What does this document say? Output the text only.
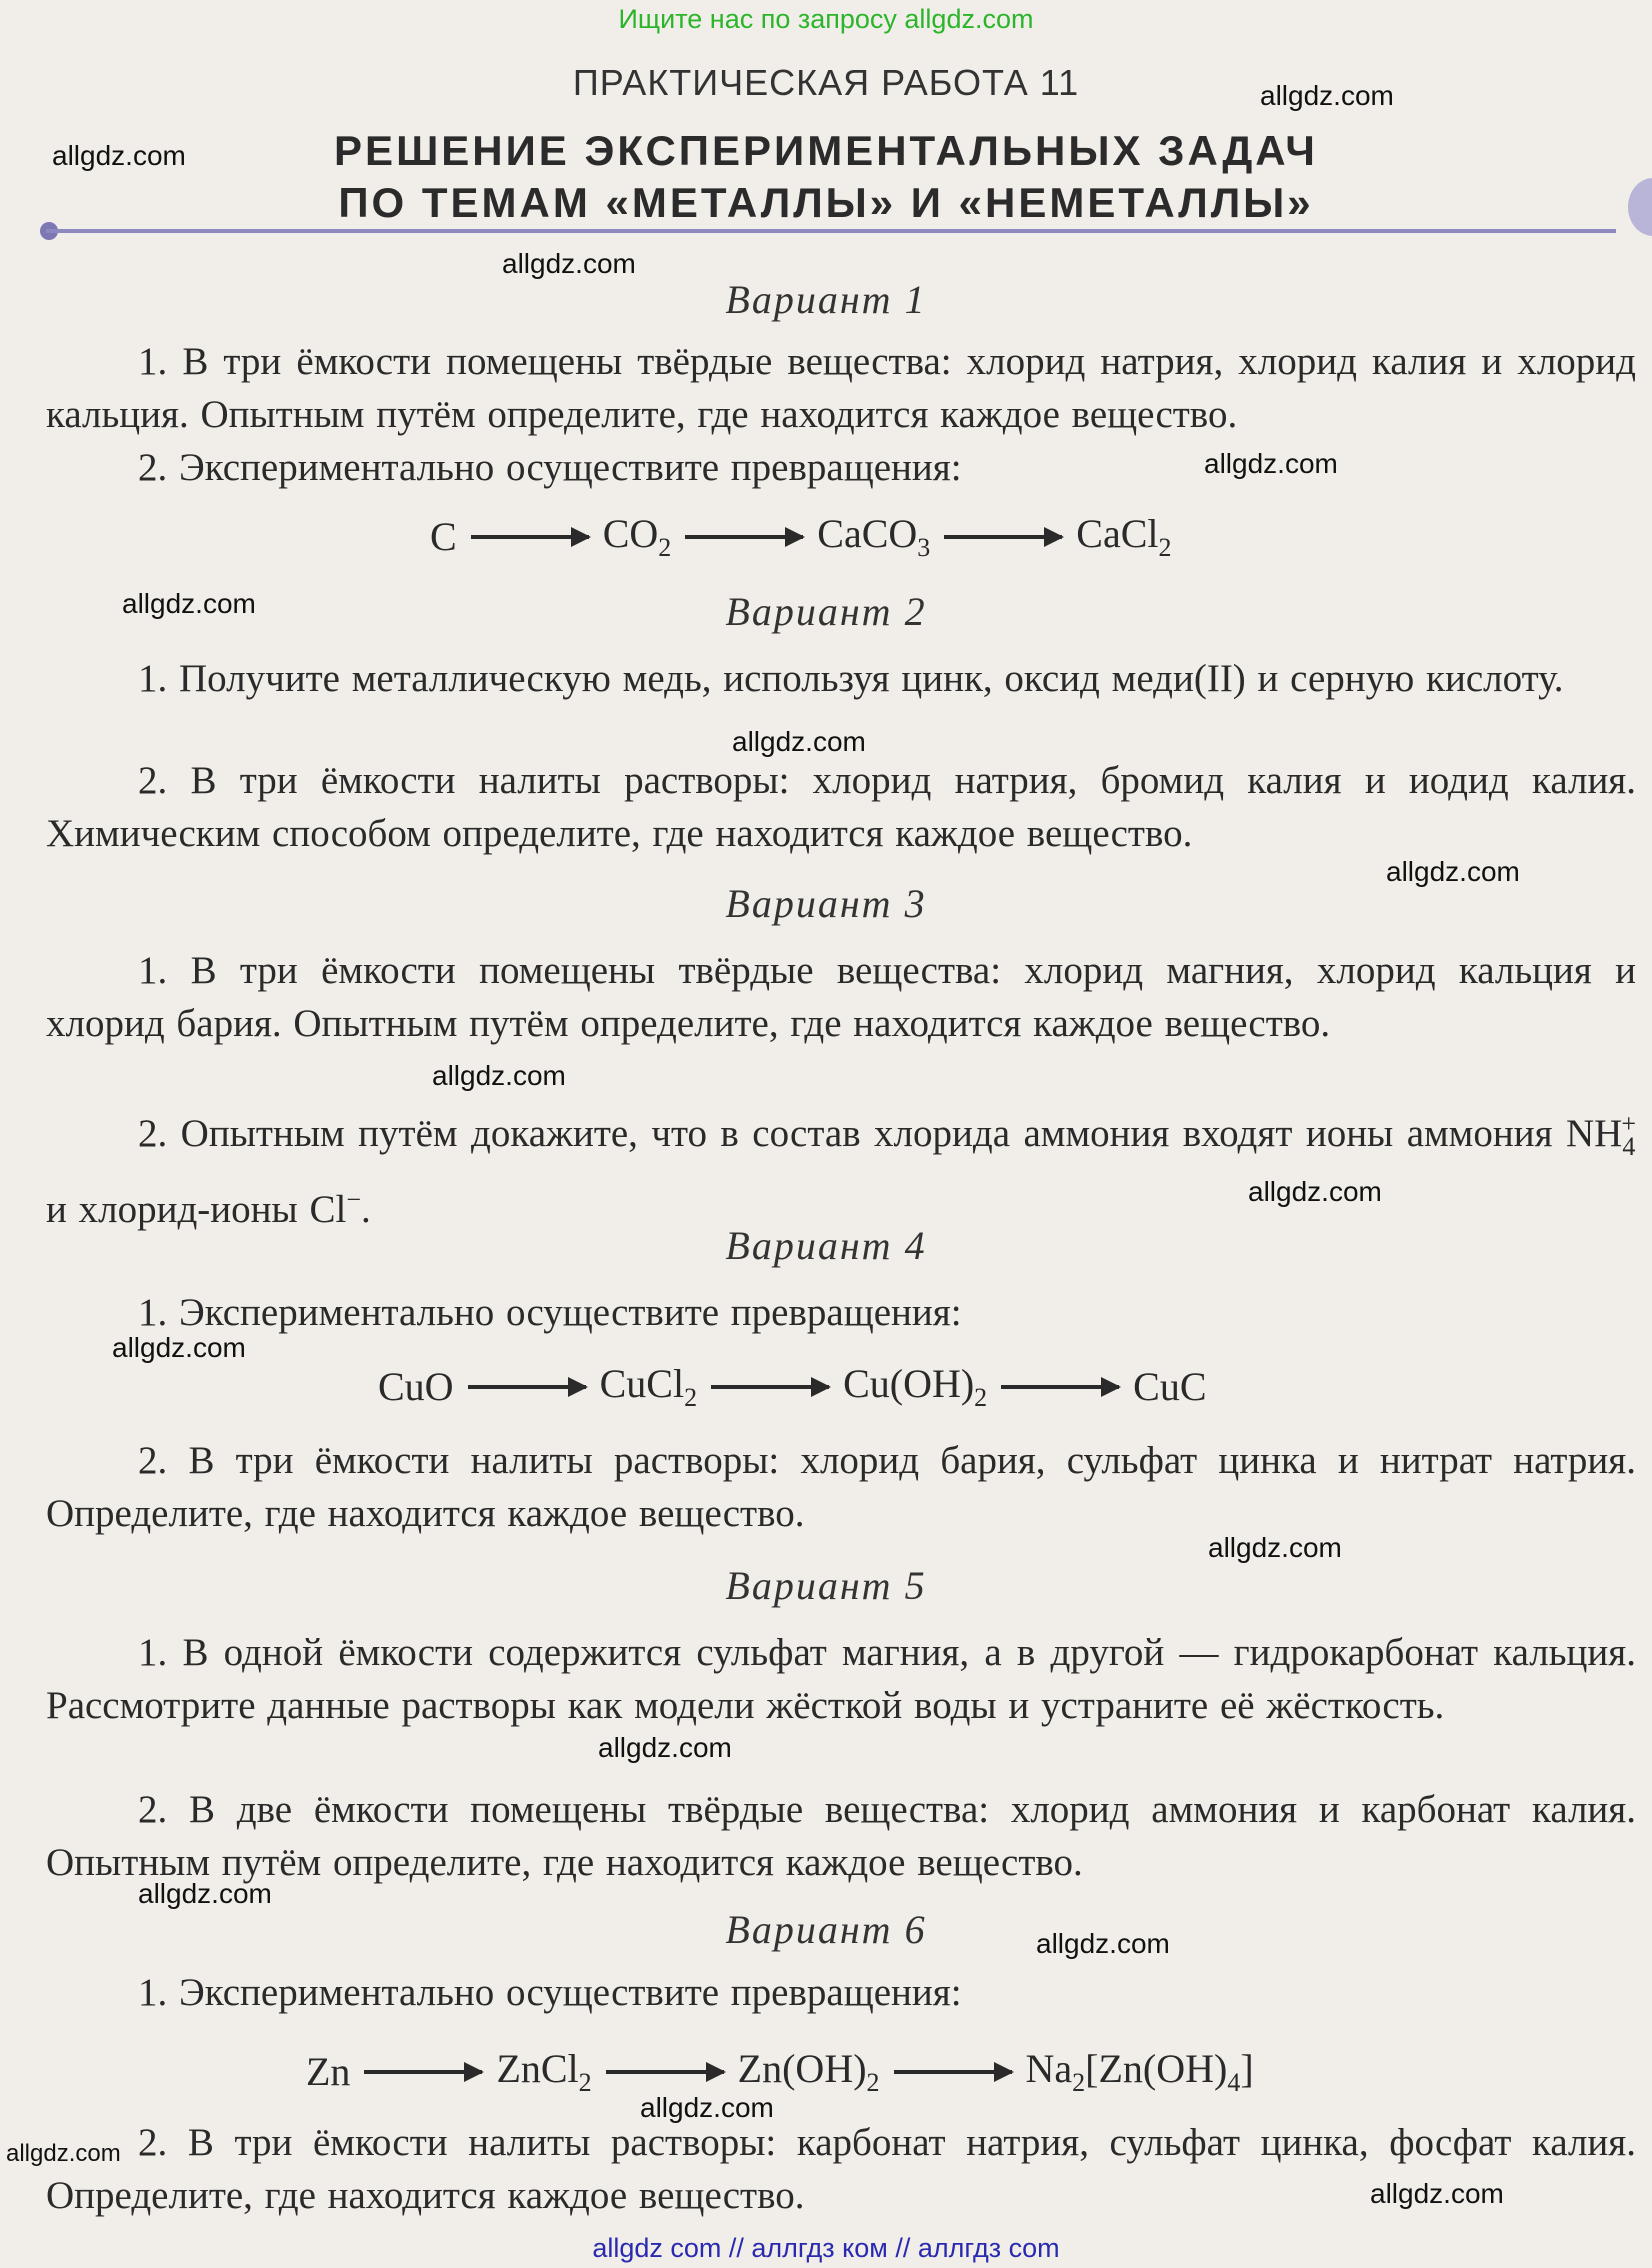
Ищите нас по запросу allgdz.com
ПРАКТИЧЕСКАЯ РАБОТА 11
РЕШЕНИЕ ЭКСПЕРИМЕНТАЛЬНЫХ ЗАДАЧ
ПО ТЕМАМ «МЕТАЛЛЫ» И «НЕМЕТАЛЛЫ»
Вариант 1
1. В три ёмкости помещены твёрдые вещества: хлорид натрия, хлорид калия и хлорид кальция. Опытным путём определите, где находится каждое вещество.
2. Экспериментально осуществите превращения:
C	$CO_2$	CaCO$_3$	CaCl$_2$
Вариант 2
1. Получите металлическую медь, используя цинк, оксид меди(II) и серную кислоту.
2. В три ёмкости налиты растворы: хлорид натрия, бромид калия и иодид калия. Химическим способом определите, где находится каждое вещество.
Вариант 3
1. В три ёмкости помещены твёрдые вещества: хлорид магния, хлорид кальция и хлорид бария. Опытным путём определите, где находится каждое вещество.
2. Опытным путём докажите, что в состав хлорида аммония входят ионы аммония $NH_4^+$ и хлорид-ионы Cl−.
Вариант 4
1. Экспериментально осуществите превращения:
CuO	CuCl$_2$	$Cu(OH)_2$	CuC
2. В три ёмкости налиты растворы: хлорид бария, сульфат цинка и нитрат натрия. Определите, где находится каждое вещество.
Вариант 5
1. В одной ёмкости содержится сульфат магния, а в другой — гидрокарбонат кальция. Рассмотрите данные растворы как модели жёсткой воды и устраните её жёсткость.
2. В две ёмкости помещены твёрдые вещества: хлорид аммония и карбонат калия. Опытным путём определите, где находится каждое вещество.
Вариант 6
1. Экспериментально осуществите превращения:
Zn	ZnCl$_2$	$Zn(OH)_2$	$Na_2[Zn(OH)_4]$
2. В три ёмкости налиты растворы: карбонат натрия, сульфат цинка, фосфат калия. Определите, где находится каждое вещество.
allgdz.com
allgdz.com
allgdz.com
allgdz.com
allgdz.com
allgdz.com
allgdz.com
allgdz.com
allgdz.com
allgdz.com
allgdz.com
allgdz.com
allgdz.com
allgdz.com
allgdz.com
allgdz.com
allgdz.com
allgdz com // аллгдз ком // аллгдз com
